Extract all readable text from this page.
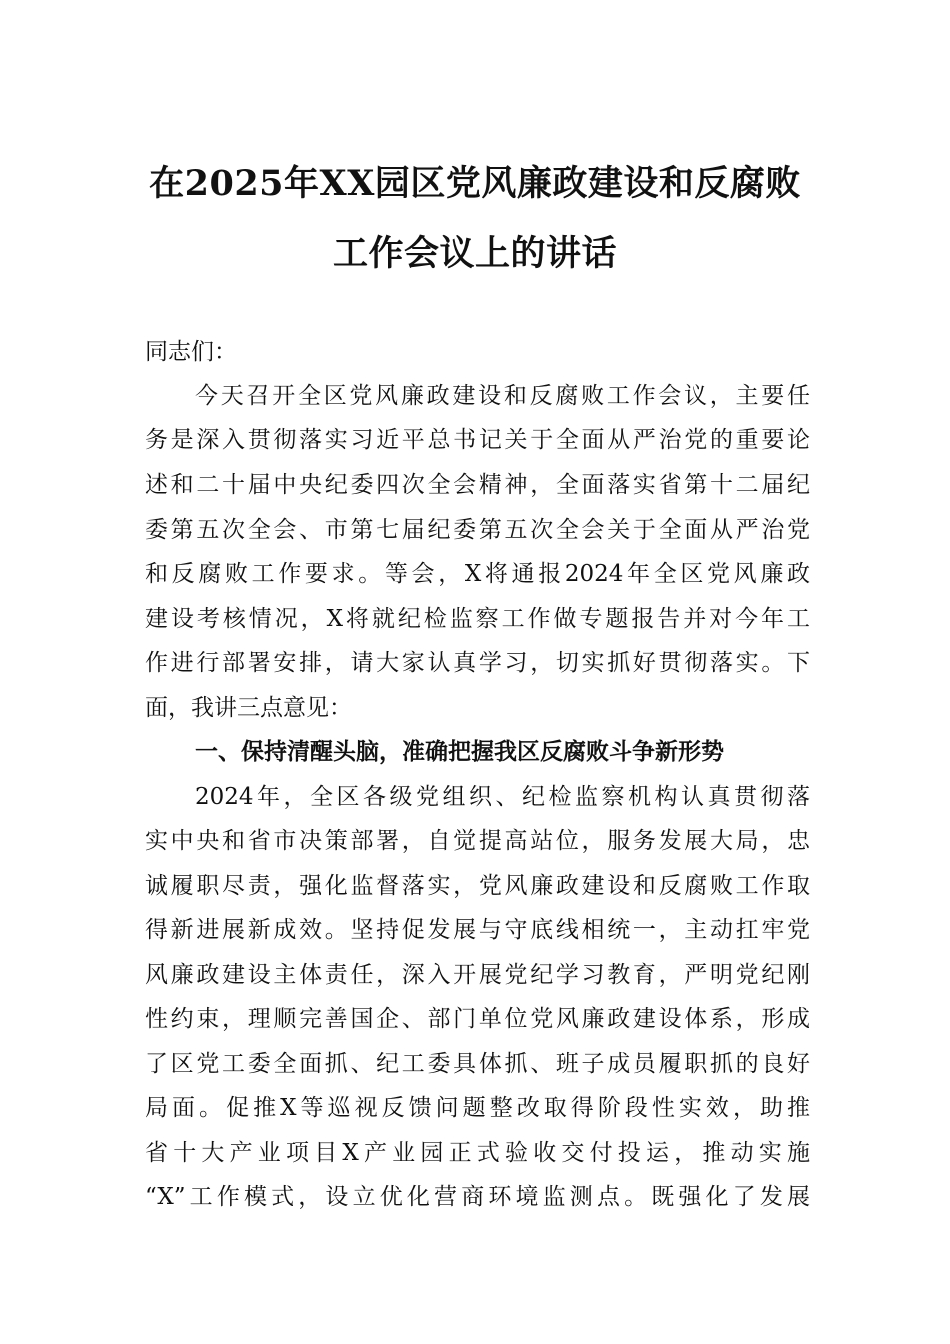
在2025年XX园区党风廉政建设和反腐败
工作会议上的讲话
同志们：
今天召开全区党风廉政建设和反腐败工作会议，主要任
务是深入贯彻落实习近平总书记关于全面从严治党的重要论
述和二十届中央纪委四次全会精神，全面落实省第十二届纪
委第五次全会、市第七届纪委第五次全会关于全面从严治党
和反腐败工作要求。等会，X将通报2024年全区党风廉政
建设考核情况，X将就纪检监察工作做专题报告并对今年工
作进行部署安排，请大家认真学习，切实抓好贯彻落实。下
面，我讲三点意见：
一、保持清醒头脑，准确把握我区反腐败斗争新形势
2024年，全区各级党组织、纪检监察机构认真贯彻落
实中央和省市决策部署，自觉提高站位，服务发展大局，忠
诚履职尽责，强化监督落实，党风廉政建设和反腐败工作取
得新进展新成效。坚持促发展与守底线相统一，主动扛牢党
风廉政建设主体责任，深入开展党纪学习教育，严明党纪刚
性约束，理顺完善国企、部门单位党风廉政建设体系，形成
了区党工委全面抓、纪工委具体抓、班子成员履职抓的良好
局面。促推X等巡视反馈问题整改取得阶段性实效，助推
省十大产业项目X产业园正式验收交付投运，推动实施
“X”工作模式，设立优化营商环境监测点。既强化了发展
